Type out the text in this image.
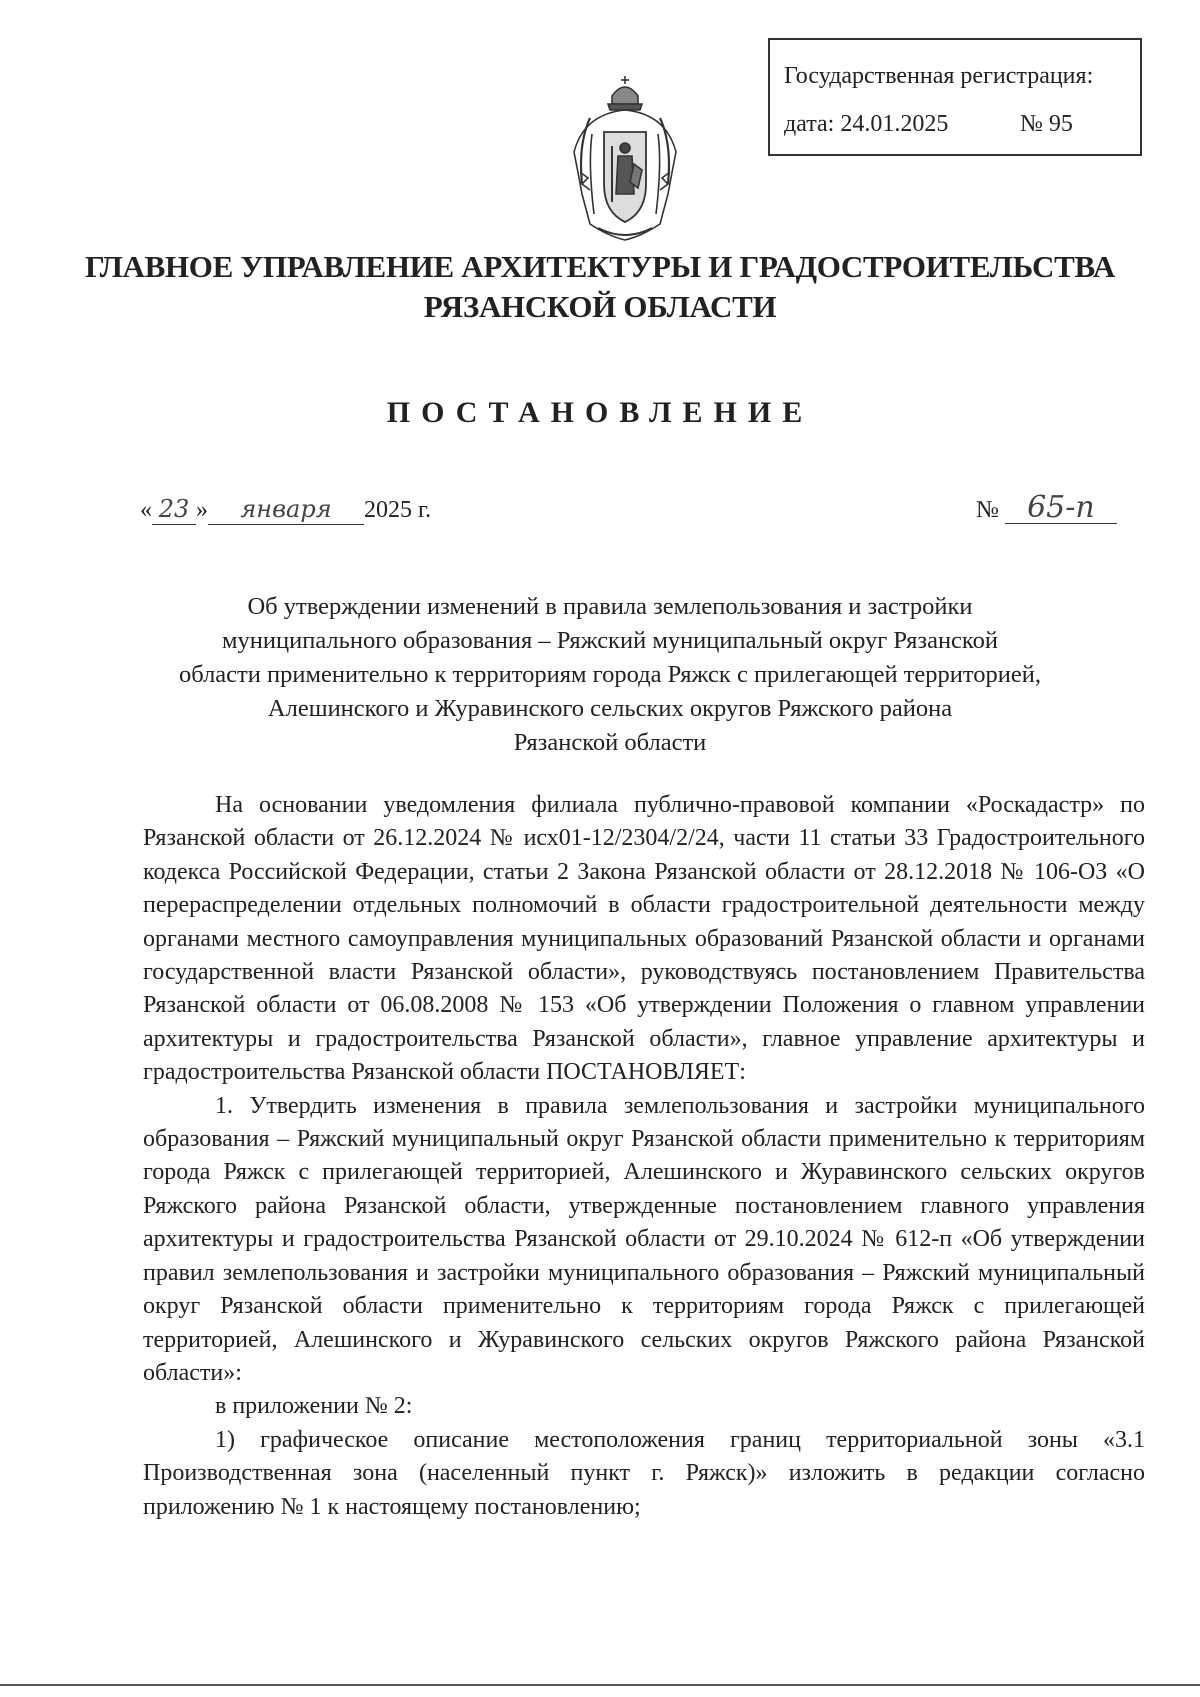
Государственная регистрация:
дата: 24.01.2025	№ 95
ГЛАВНОЕ УПРАВЛЕНИЕ АРХИТЕКТУРЫ И ГРАДОСТРОИТЕЛЬСТВА
РЯЗАНСКОЙ ОБЛАСТИ
ПОСТАНОВЛЕНИЕ
« 23 » января 2025 г.	№ 65-п
Об утверждении изменений в правила землепользования и застройки
муниципального образования – Ряжский муниципальный округ Рязанской
области применительно к территориям города Ряжск с прилегающей территорией,
Алешинского и Журавинского сельских округов Ряжского района
Рязанской области

На основании уведомления филиала публично-правовой компании «Роскадастр» по Рязанской области от 26.12.2024 № исх01-12/2304/2/24, части 11 статьи 33 Градостроительного кодекса Российской Федерации, статьи 2 Закона Рязанской области от 28.12.2018 № 106-ОЗ «О перераспределении отдельных полномочий в области градостроительной деятельности между органами местного самоуправления муниципальных образований Рязанской области и органами государственной власти Рязанской области», руководствуясь постановлением Правительства Рязанской области от 06.08.2008 № 153 «Об утверждении Положения о главном управлении архитектуры и градостроительства Рязанской области», главное управление архитектуры и градостроительства Рязанской области ПОСТАНОВЛЯЕТ:

1. Утвердить изменения в правила землепользования и застройки муниципального образования – Ряжский муниципальный округ Рязанской области применительно к территориям города Ряжск с прилегающей территорией, Алешинского и Журавинского сельских округов Ряжского района Рязанской области, утвержденные постановлением главного управления архитектуры и градостроительства Рязанской области от 29.10.2024 № 612-п «Об утверждении правил землепользования и застройки муниципального образования – Ряжский муниципальный округ Рязанской области применительно к территориям города Ряжск с прилегающей территорией, Алешинского и Журавинского сельских округов Ряжского района Рязанской области»:

в приложении № 2:

1) графическое описание местоположения границ территориальной зоны «3.1 Производственная зона (населенный пункт г. Ряжск)» изложить в редакции согласно приложению № 1 к настоящему постановлению;
